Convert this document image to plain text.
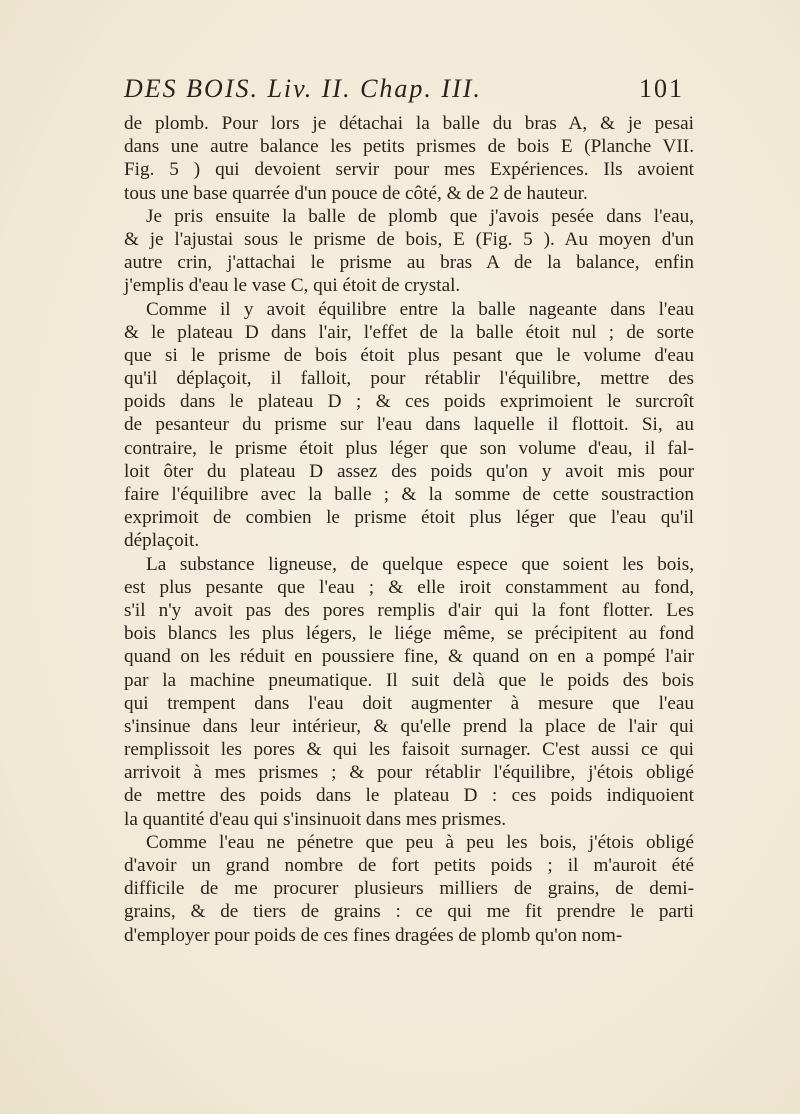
DES BOIS. Liv. II. Chap. III.	101
de plomb. Pour lors je détachai la balle du bras A, & je pesai
dans une autre balance les petits prismes de bois E (Planche VII.
Fig. 5 ) qui devoient servir pour mes Expériences. Ils avoient
tous une base quarrée d'un pouce de côté, & de 2 de hauteur.
Je pris ensuite la balle de plomb que j'avois pesée dans l'eau,
& je l'ajustai sous le prisme de bois, E (Fig. 5 ). Au moyen d'un
autre crin, j'attachai le prisme au bras A de la balance, enfin
j'emplis d'eau le vase C, qui étoit de crystal.
Comme il y avoit équilibre entre la balle nageante dans l'eau
& le plateau D dans l'air, l'effet de la balle étoit nul ; de sorte
que si le prisme de bois étoit plus pesant que le volume d'eau
qu'il déplaçoit, il falloit, pour rétablir l'équilibre, mettre des
poids dans le plateau D ; & ces poids exprimoient le surcroît
de pesanteur du prisme sur l'eau dans laquelle il flottoit. Si, au
contraire, le prisme étoit plus léger que son volume d'eau, il fal-
loit ôter du plateau D assez des poids qu'on y avoit mis pour
faire l'équilibre avec la balle ; & la somme de cette soustraction
exprimoit de combien le prisme étoit plus léger que l'eau qu'il
déplaçoit.
La substance ligneuse, de quelque espece que soient les bois,
est plus pesante que l'eau ; & elle iroit constamment au fond,
s'il n'y avoit pas des pores remplis d'air qui la font flotter. Les
bois blancs les plus légers, le liége même, se précipitent au fond
quand on les réduit en poussiere fine, & quand on en a pompé l'air
par la machine pneumatique. Il suit delà que le poids des bois
qui trempent dans l'eau doit augmenter à mesure que l'eau
s'insinue dans leur intérieur, & qu'elle prend la place de l'air qui
remplissoit les pores & qui les faisoit surnager. C'est aussi ce qui
arrivoit à mes prismes ; & pour rétablir l'équilibre, j'étois obligé
de mettre des poids dans le plateau D : ces poids indiquoient
la quantité d'eau qui s'insinuoit dans mes prismes.
Comme l'eau ne pénetre que peu à peu les bois, j'étois obligé
d'avoir un grand nombre de fort petits poids ; il m'auroit été
difficile de me procurer plusieurs milliers de grains, de demi-
grains, & de tiers de grains : ce qui me fit prendre le parti
d'employer pour poids de ces fines dragées de plomb qu'on nom-
